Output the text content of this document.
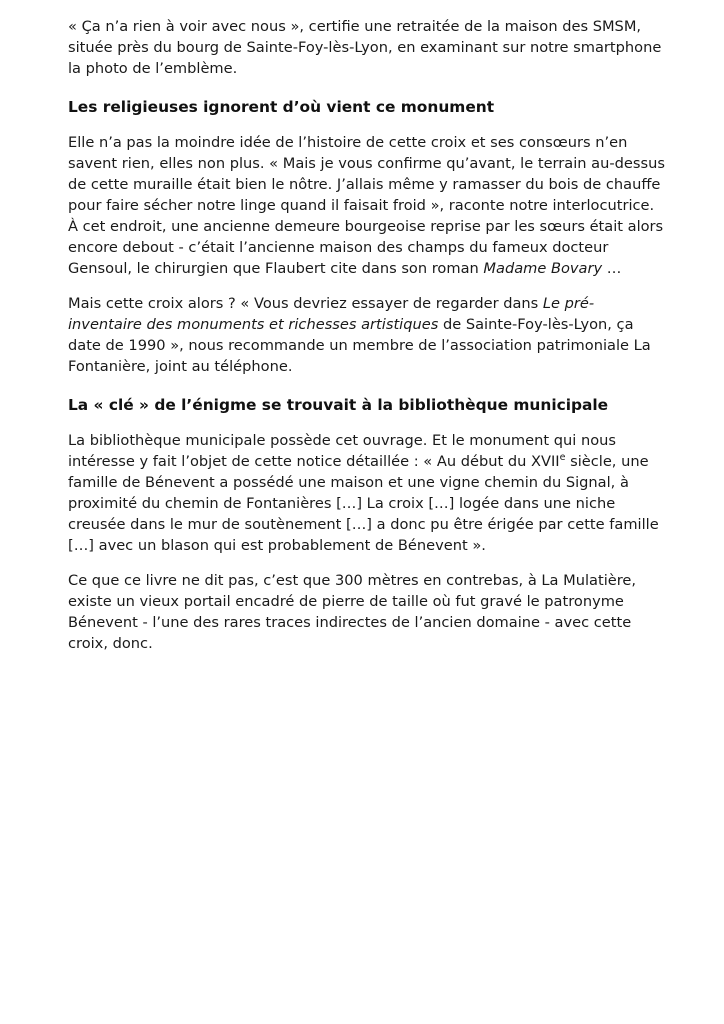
« Ça n’a rien à voir avec nous », certifie une retraitée de la maison des SMSM, située près du bourg de Sainte-Foy-lès-Lyon, en examinant sur notre smartphone la photo de l’emblème.

Les religieuses ignorent d’où vient ce monument

Elle n’a pas la moindre idée de l’histoire de cette croix et ses consœurs n’en savent rien, elles non plus. « Mais je vous confirme qu’avant, le terrain au-dessus de cette muraille était bien le nôtre. J’allais même y ramasser du bois de chauffe pour faire sécher notre linge quand il faisait froid », raconte notre interlocutrice. À cet endroit, une ancienne demeure bourgeoise reprise par les sœurs était alors encore debout - c’était l’ancienne maison des champs du fameux docteur Gensoul, le chirurgien que Flaubert cite dans son roman Madame Bovary …

Mais cette croix alors ? « Vous devriez essayer de regarder dans Le pré-inventaire des monuments et richesses artistiques de Sainte-Foy-lès-Lyon, ça date de 1990 », nous recommande un membre de l’association patrimoniale La Fontanière, joint au téléphone.

La « clé » de l’énigme se trouvait à la bibliothèque municipale

La bibliothèque municipale possède cet ouvrage. Et le monument qui nous intéresse y fait l’objet de cette notice détaillée : « Au début du XVIIe siècle, une famille de Bénevent a possédé une maison et une vigne chemin du Signal, à proximité du chemin de Fontanières […] La croix […] logée dans une niche creusée dans le mur de soutènement […] a donc pu être érigée par cette famille […] avec un blason qui est probablement de Bénevent ».

Ce que ce livre ne dit pas, c’est que 300 mètres en contrebas, à La Mulatière, existe un vieux portail encadré de pierre de taille où fut gravé le patronyme Bénevent - l’une des rares traces indirectes de l’ancien domaine - avec cette croix, donc.
